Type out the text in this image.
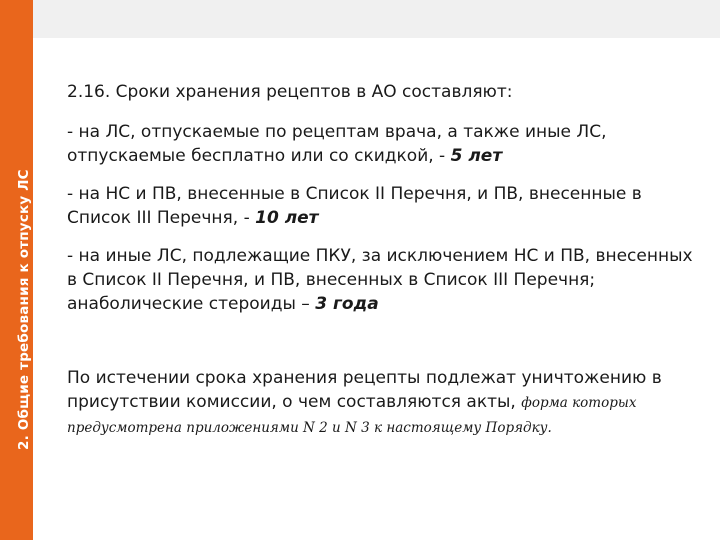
2. Общие требования к отпуску ЛС

2.16. Сроки хранения рецептов в АО составляют:

- на ЛС, отпускаемые по рецептам врача, а также иные ЛС, отпускаемые бесплатно или со скидкой, - 5 лет

- на НС и ПВ, внесенные в Список II Перечня, и ПВ, внесенные в Список III Перечня, - 10 лет

- на иные ЛС, подлежащие ПКУ, за исключением НС и ПВ, внесенных в Список II Перечня, и ПВ, внесенных в Список III Перечня; анаболические стероиды – 3 года

По истечении срока хранения рецепты подлежат уничтожению в присутствии комиссии, о чем составляются акты, форма которых предусмотрена приложениями N 2 и N 3 к настоящему Порядку.
